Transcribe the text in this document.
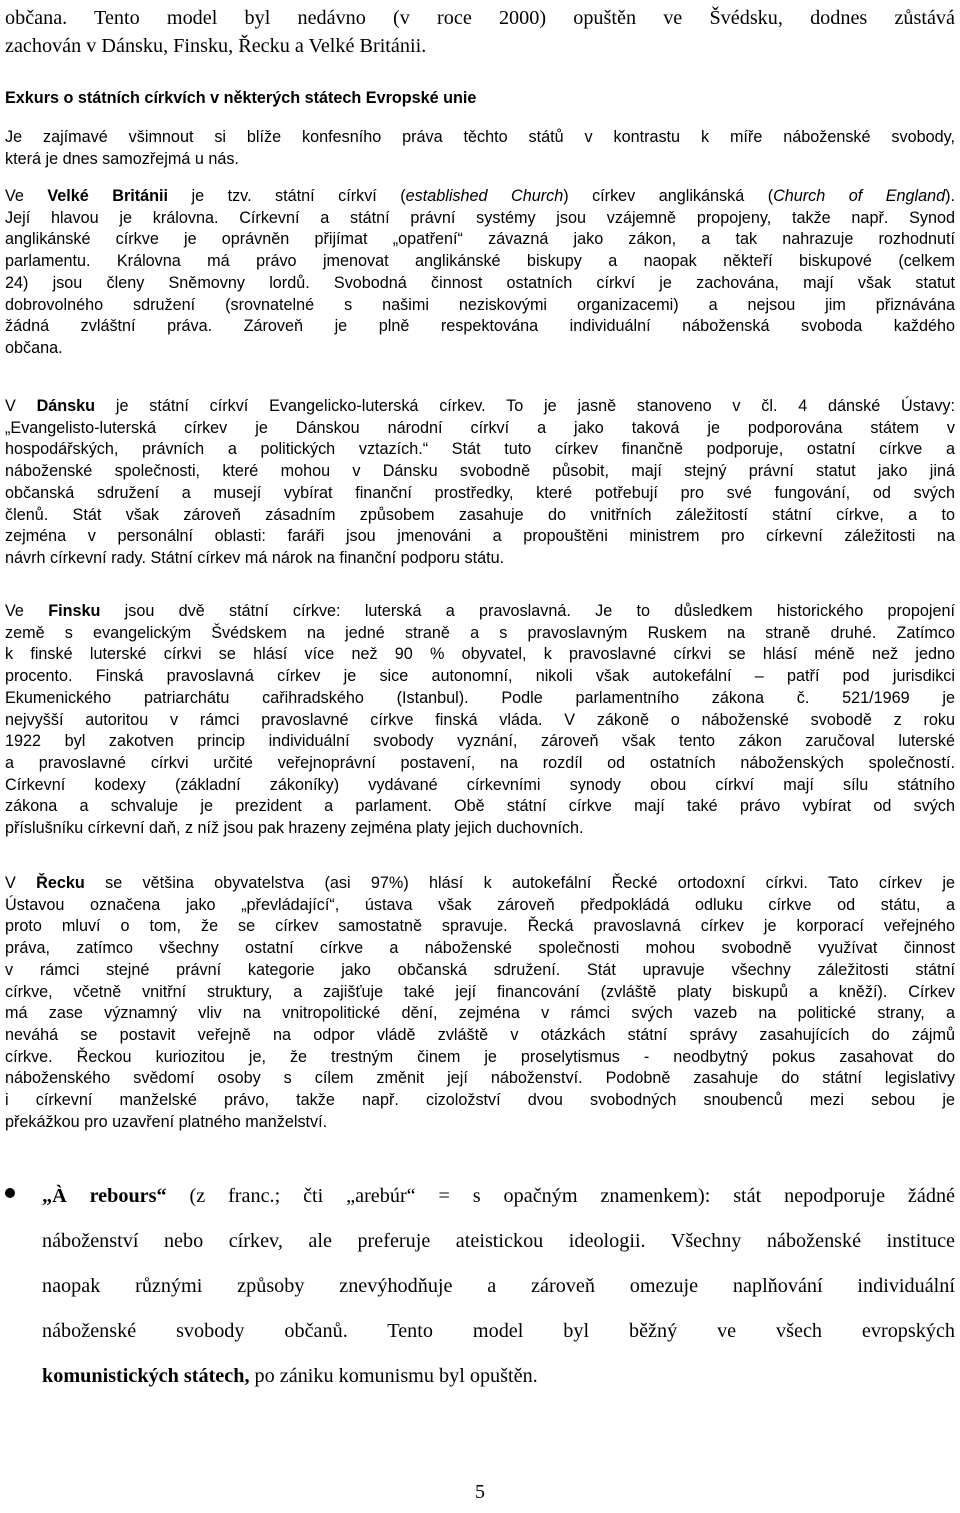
občana. Tento model byl nedávno (v roce 2000) opuštěn ve Švédsku, dodnes zůstává
zachován v Dánsku, Finsku, Řecku a Velké Británii.
Exkurs o státních církvích v některých státech Evropské unie
Je zajímavé všimnout si blíže konfesního práva těchto států v kontrastu k míře náboženské svobody,
která je dnes samozřejmá u nás.
Ve Velké Británii je tzv. státní církví (established Church) církev anglikánská (Church of England).
Její hlavou je královna. Církevní a státní právní systémy jsou vzájemně propojeny, takže např. Synod
anglikánské církve je oprávněn přijímat „opatření“ závazná jako zákon, a tak nahrazuje rozhodnutí
parlamentu. Královna má právo jmenovat anglikánské biskupy a naopak někteří biskupové (celkem
24) jsou členy Sněmovny lordů. Svobodná činnost ostatních církví je zachována, mají však statut
dobrovolného sdružení (srovnatelné s našimi neziskovými organizacemi) a nejsou jim přiznávána
žádná zvláštní práva. Zároveň je plně respektována individuální náboženská svoboda každého
občana.
V Dánsku je státní církví Evangelicko-luterská církev. To je jasně stanoveno v čl. 4 dánské Ústavy:
„Evangelisto-luterská církev je Dánskou národní církví a jako taková je podporována státem v
hospodářských, právních a politických vztazích.“ Stát tuto církev finančně podporuje, ostatní církve a
náboženské společnosti, které mohou v Dánsku svobodně působit, mají stejný právní statut jako jiná
občanská sdružení a musejí vybírat finanční prostředky, které potřebují pro své fungování, od svých
členů. Stát však zároveň zásadním způsobem zasahuje do vnitřních záležitostí státní církve, a to
zejména v personální oblasti: faráři jsou jmenováni a propouštěni ministrem pro církevní záležitosti na
návrh církevní rady. Státní církev má nárok na finanční podporu státu.
Ve Finsku jsou dvě státní církve: luterská a pravoslavná. Je to důsledkem historického propojení
země s evangelickým Švédskem na jedné straně a s pravoslavným Ruskem na straně druhé. Zatímco
k finské luterské církvi se hlásí více než 90 % obyvatel, k pravoslavné církvi se hlásí méně než jedno
procento. Finská pravoslavná církev je sice autonomní, nikoli však autokefální – patří pod jurisdikci
Ekumenického patriarchátu cařihradského (Istanbul). Podle parlamentního zákona č. 521/1969 je
nejvyšší autoritou v rámci pravoslavné církve finská vláda. V zákoně o náboženské svobodě z roku
1922 byl zakotven princip individuální svobody vyznání, zároveň však tento zákon zaručoval luterské
a pravoslavné církvi určité veřejnoprávní postavení, na rozdíl od ostatních náboženských společností.
Církevní kodexy (základní zákoníky) vydávané církevními synody obou církví mají sílu státního
zákona a schvaluje je prezident a parlament. Obě státní církve mají také právo vybírat od svých
příslušníku církevní daň, z níž jsou pak hrazeny zejména platy jejich duchovních.
V Řecku se většina obyvatelstva (asi 97%) hlásí k autokefální Řecké ortodoxní církvi. Tato církev je
Ústavou označena jako „převládající“, ústava však zároveň předpokládá odluku církve od státu, a
proto mluví o tom, že se církev samostatně spravuje. Řecká pravoslavná církev je korporací veřejného
práva, zatímco všechny ostatní církve a náboženské společnosti mohou svobodně využívat činnost
v rámci stejné právní kategorie jako občanská sdružení. Stát upravuje všechny záležitosti státní
církve, včetně vnitřní struktury, a zajišťuje také její financování (zvláště platy biskupů a kněží). Církev
má zase významný vliv na vnitropolitické dění, zejména v rámci svých vazeb na politické strany, a
neváhá se postavit veřejně na odpor vládě zvláště v otázkách státní správy zasahujících do zájmů
církve. Řeckou kuriozitou je, že trestným činem je proselytismus - neodbytný pokus zasahovat do
náboženského svědomí osoby s cílem změnit její náboženství. Podobně zasahuje do státní legislativy
i církevní manželské právo, takže např. cizoložství dvou svobodných snoubenců mezi sebou je
překážkou pro uzavření platného manželství.

„À rebours“ (z franc.; čti „arebúr“ = s opačným znamenkem): stát nepodporuje žádné
náboženství nebo církev, ale preferuje ateistickou ideologii. Všechny náboženské instituce
naopak různými způsoby znevýhodňuje a zároveň omezuje naplňování individuální
náboženské svobody občanů. Tento model byl běžný ve všech evropských
komunistických státech, po zániku komunismu byl opuštěn.

5
